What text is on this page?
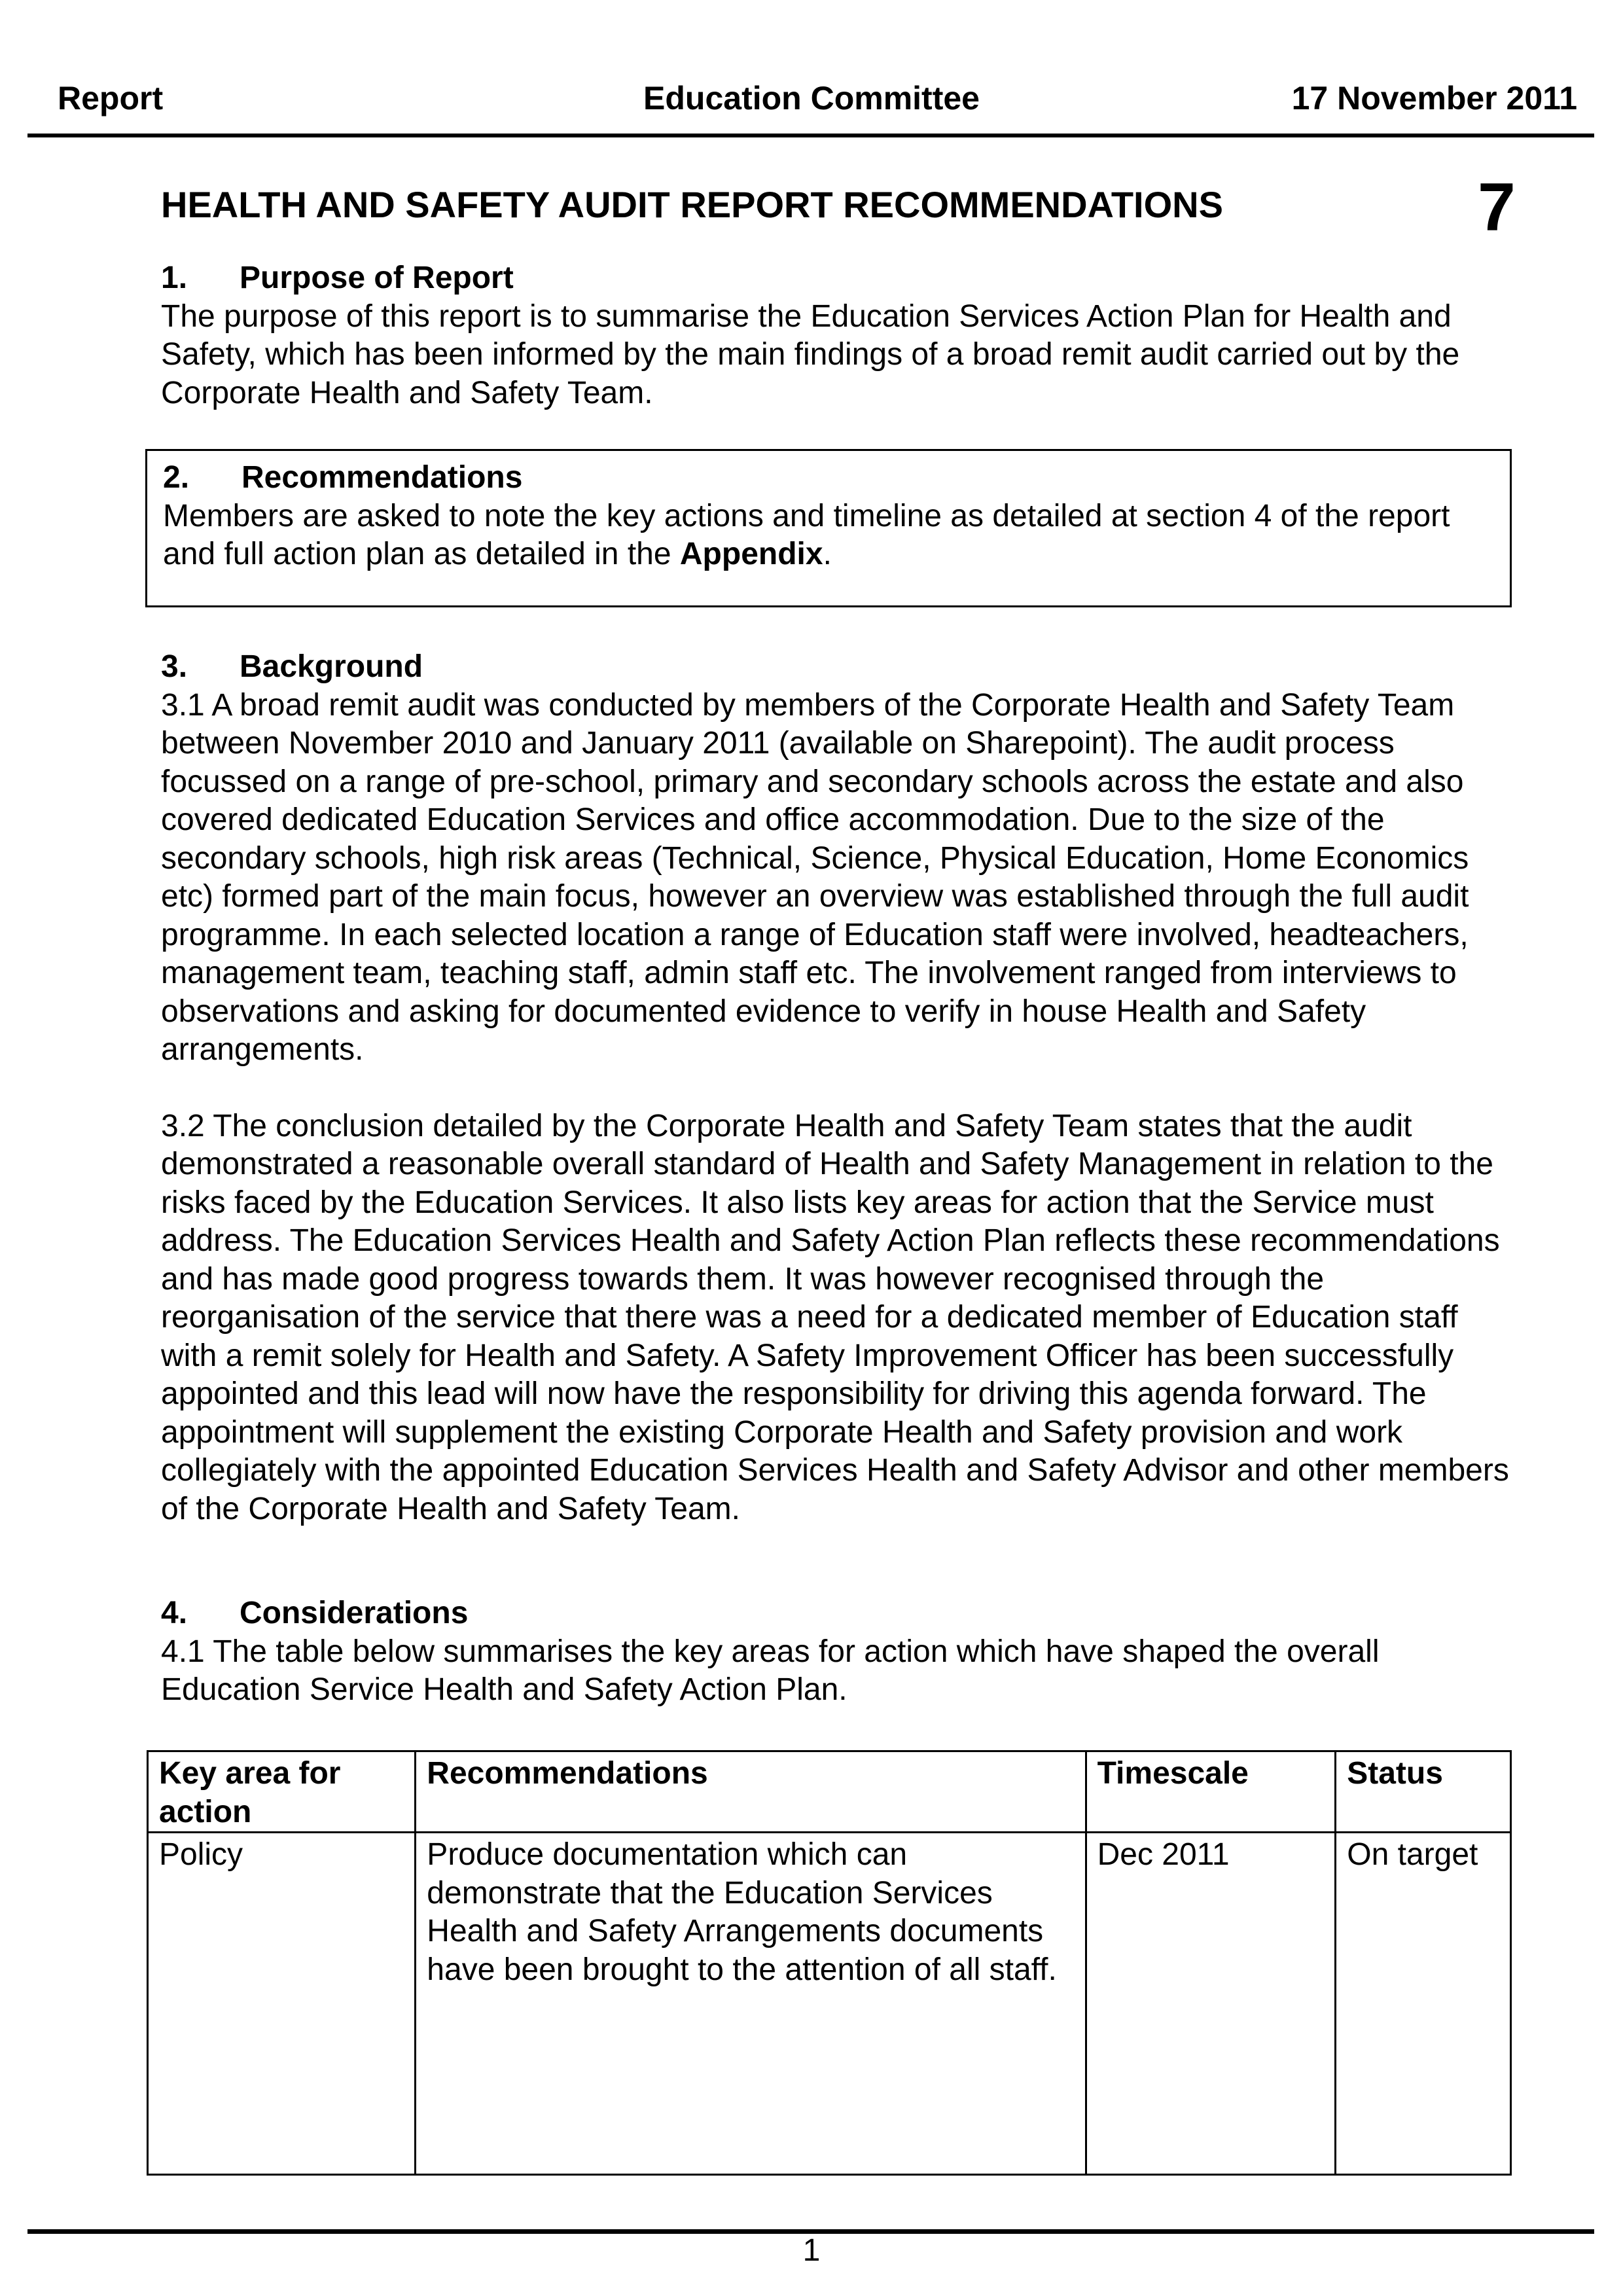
Report	Education Committee	17 November 2011
HEALTH AND SAFETY AUDIT REPORT RECOMMENDATIONS	7
1. Purpose of Report

The purpose of this report is to summarise the Education Services Action Plan for Health and Safety, which has been informed by the main findings of a broad remit audit carried out by the Corporate Health and Safety Team.

2. Recommendations

Members are asked to note the key actions and timeline as detailed at section 4 of the report and full action plan as detailed in the Appendix.

3. Background

3.1 A broad remit audit was conducted by members of the Corporate Health and Safety Team between November 2010 and January 2011 (available on Sharepoint). The audit process focussed on a range of pre-school, primary and secondary schools across the estate and also covered dedicated Education Services and office accommodation. Due to the size of the secondary schools, high risk areas (Technical, Science, Physical Education, Home Economics etc) formed part of the main focus, however an overview was established through the full audit programme. In each selected location a range of Education staff were involved, headteachers, management team, teaching staff, admin staff etc. The involvement ranged from interviews to observations and asking for documented evidence to verify in house Health and Safety arrangements.

3.2 The conclusion detailed by the Corporate Health and Safety Team states that the audit demonstrated a reasonable overall standard of Health and Safety Management in relation to the risks faced by the Education Services. It also lists key areas for action that the Service must address. The Education Services Health and Safety Action Plan reflects these recommendations and has made good progress towards them. It was however recognised through the reorganisation of the service that there was a need for a dedicated member of Education staff with a remit solely for Health and Safety. A Safety Improvement Officer has been successfully appointed and this lead will now have the responsibility for driving this agenda forward. The appointment will supplement the existing Corporate Health and Safety provision and work collegiately with the appointed Education Services Health and Safety Advisor and other members of the Corporate Health and Safety Team.

4. Considerations

4.1 The table below summarises the key areas for action which have shaped the overall Education Service Health and Safety Action Plan.

Key area for action	Recommendations	Timescale	Status
Policy	Produce documentation which can demonstrate that the Education Services Health and Safety Arrangements documents have been brought to the attention of all staff.	Dec 2011	On target
1
